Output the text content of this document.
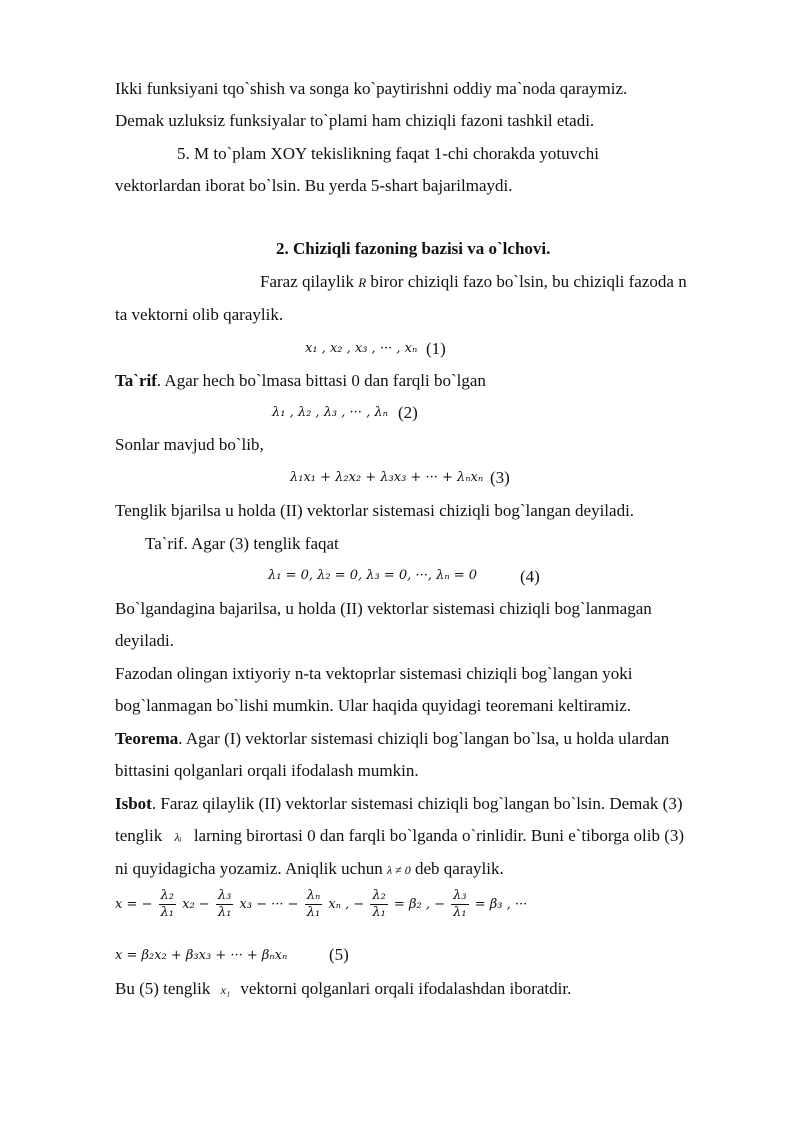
Ikki funksiyani tqo`shish va songa ko`paytirishni oddiy ma`noda qaraymiz.
Demak uzluksiz funksiyalar to`plami ham chiziqli fazoni tashkil etadi.
5. M to`plam XOY tekislikning faqat 1-chi chorakda yotuvchi
vektorlardan iborat bo`lsin. Bu yerda 5-shart bajarilmaydi.
2. Chiziqli fazoning bazisi va o`lchovi.
Faraz qilaylik R biror chiziqli fazo bo`lsin, bu chiziqli fazoda n
ta vektorni olib qaraylik.
x₁ , x₂ , x₃ , ··· , xₙ (1)
Ta`rif. Agar hech bo`lmasa bittasi 0 dan farqli bo`lgan
λ₁ , λ₂ , λ₃ , ··· , λₙ (2)
Sonlar mavjud bo`lib,
λ₁x₁ + λ₂x₂ + λ₃x₃ + ··· + λₙxₙ (3)
Tenglik bjarilsa u holda (II) vektorlar sistemasi chiziqli bog`langan deyiladi.
Ta`rif. Agar (3) tenglik faqat
λ₁ = 0, λ₂ = 0, λ₃ = 0, ···, λₙ = 0	(4)
Bo`lgandagina bajarilsa, u holda (II) vektorlar sistemasi chiziqli bog`lanmagan
deyiladi.
Fazodan olingan ixtiyoriy n-ta vektoprlar sistemasi chiziqli bog`langan yoki
bog`lanmagan bo`lishi mumkin. Ular haqida quyidagi teoremani keltiramiz.
Teorema. Agar (I) vektorlar sistemasi chiziqli bog`langan bo`lsa, u holda ulardan
bittasini qolganlari orqali ifodalash mumkin.
Isbot. Faraz qilaylik (II) vektorlar sistemasi chiziqli bog`langan bo`lsin. Demak (3)
tenglik λᵢ larning birortasi 0 dan farqli bo`lganda o`rinlidir. Buni e`tiborga olib (3)
ni quyidagicha yozamiz. Aniqlik uchun λ ≠ 0 deb qaraylik.
x = − $\frac{\text{λ₂}}{\text{λ₁}} x_2 - \frac{\text{λ₃}}{\text{λ₁}} x_3$ − ··· − $\frac{\text{λₙ}}{\text{λ₁}}$ xₙ , − $\frac{\text{λ₂}}{\text{λ₁}} = \beta_2$ , − $\frac{\text{λ₃}}{\text{λ₁}} = \beta_3$ , ···
x = β₂x₂ + β₃x₃ + ··· + βₙxₙ (5)
Bu (5) tenglik x₁ vektorni qolganlari orqali ifodalashdan iboratdir.
